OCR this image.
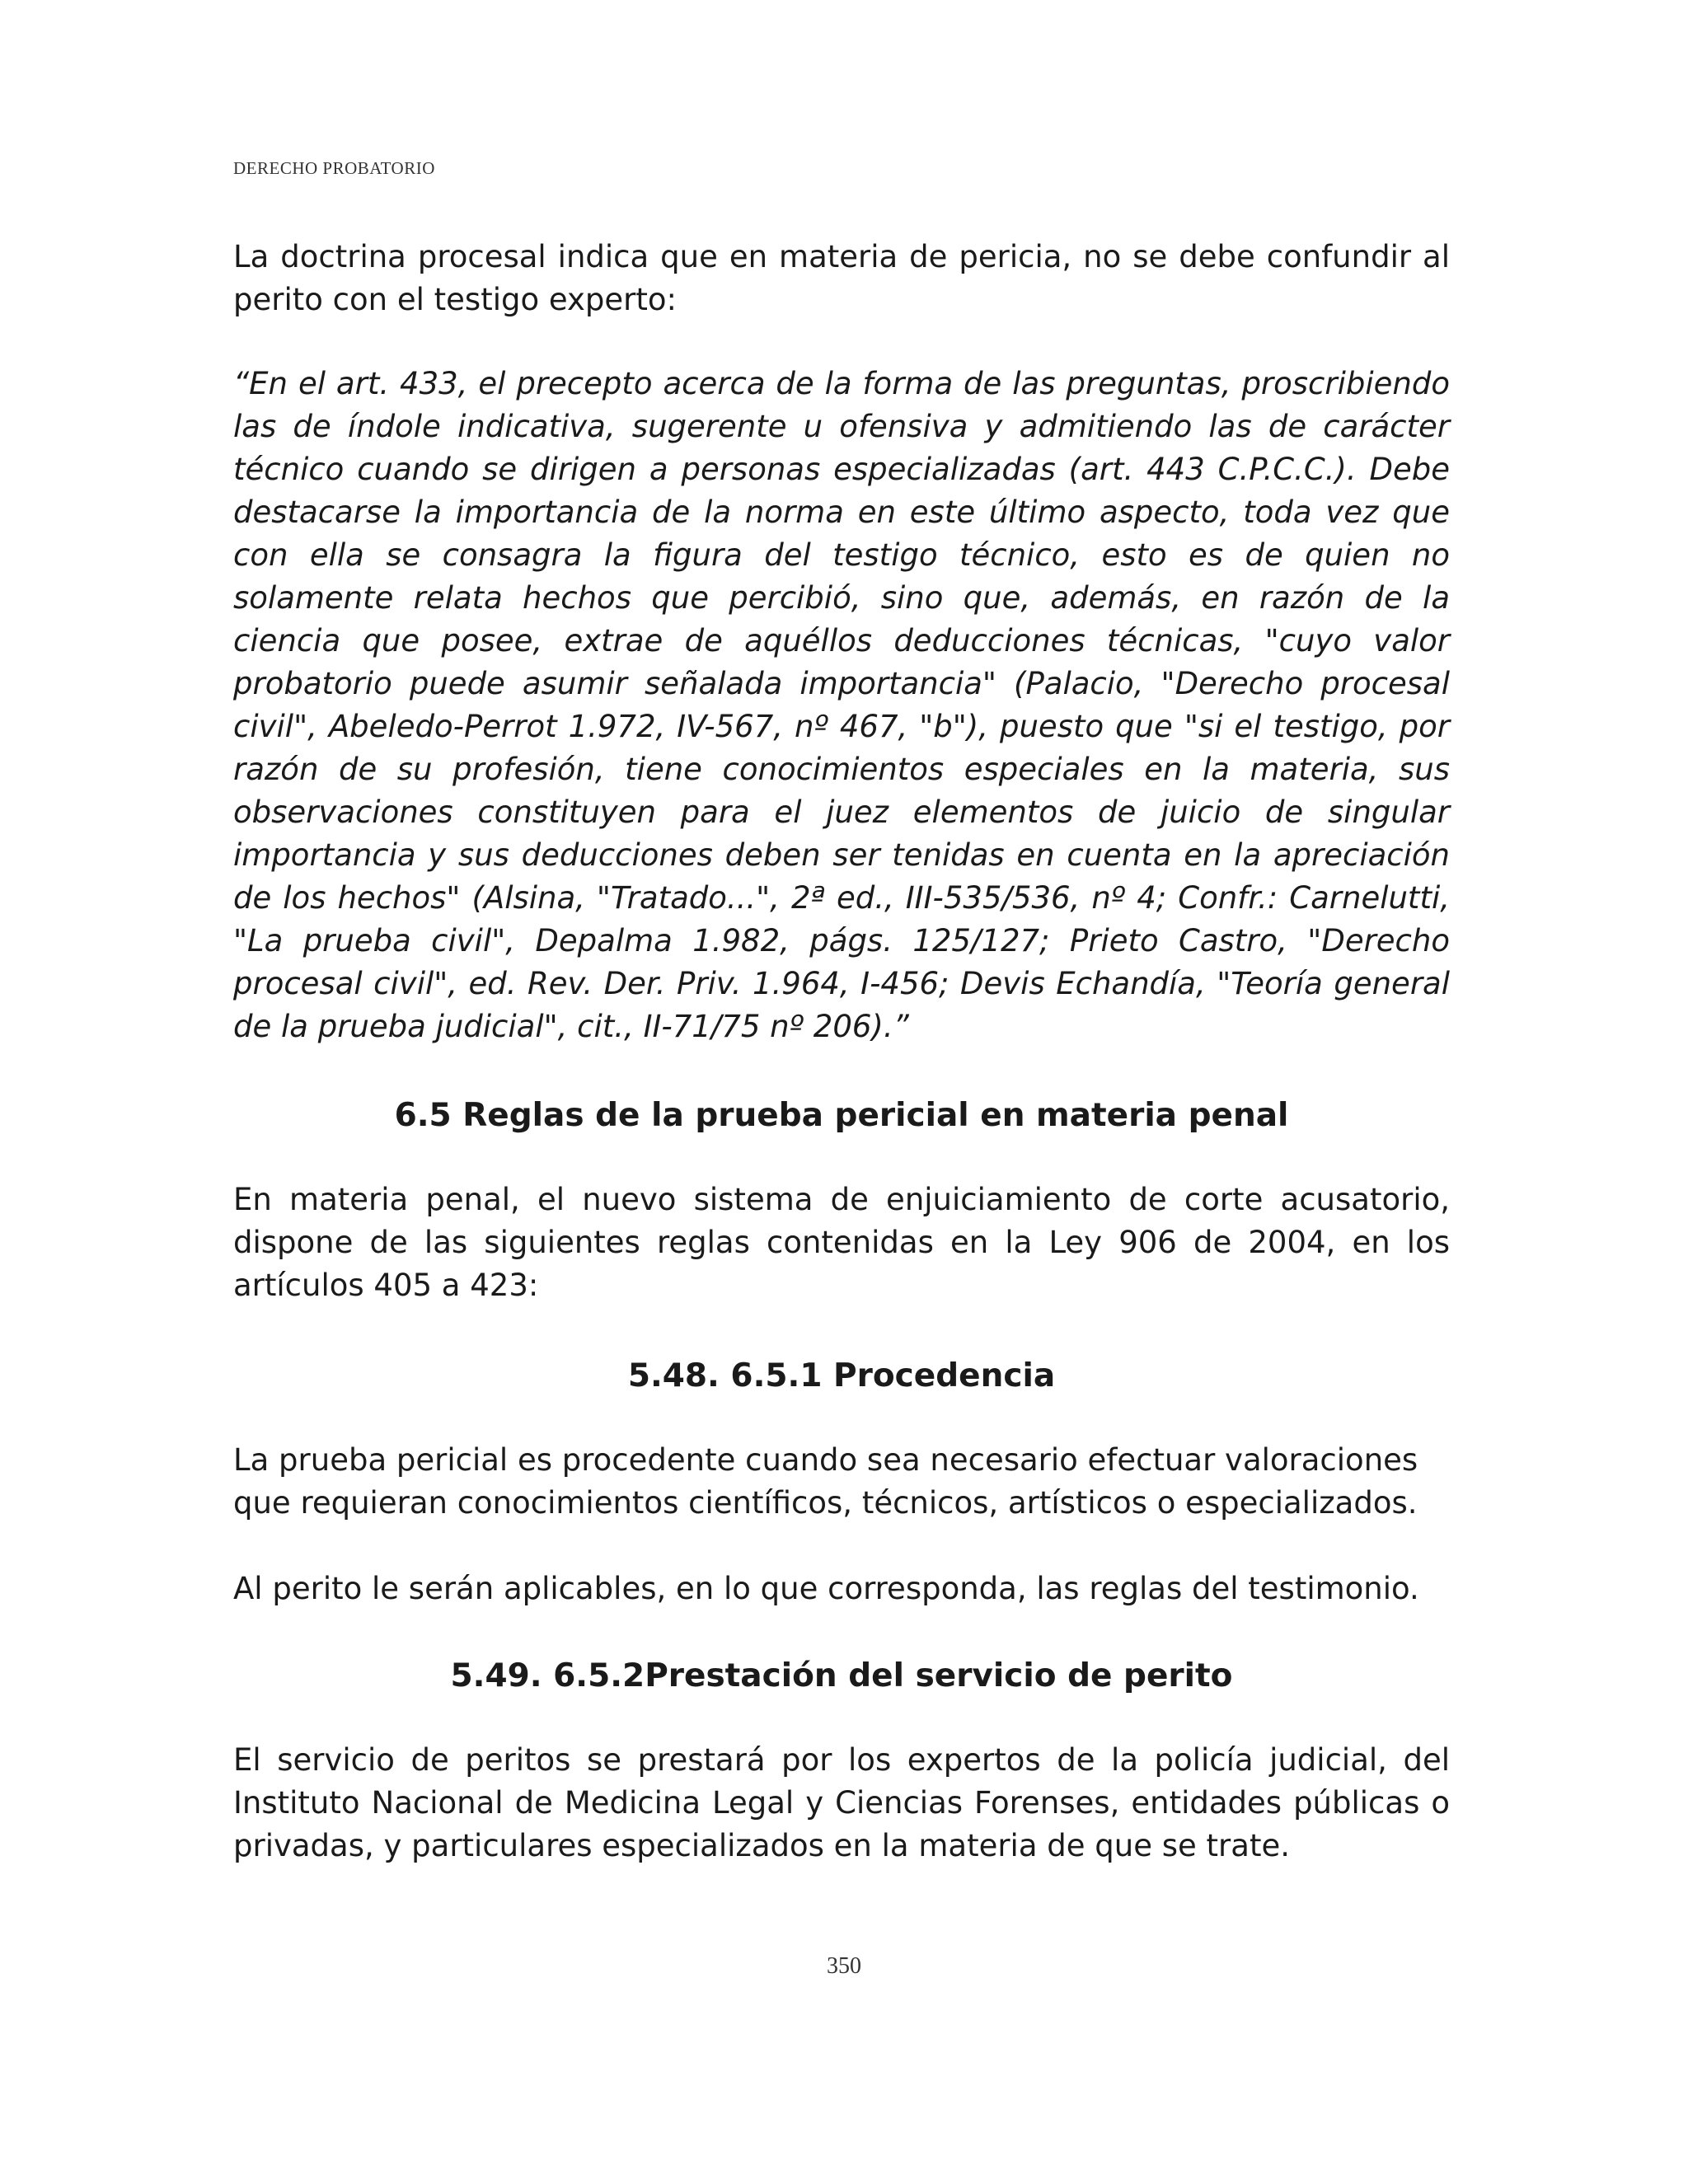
DERECHO PROBATORIO

La doctrina procesal indica que en materia de pericia, no se debe confundir al perito con el testigo experto:

“En el art. 433, el precepto acerca de la forma de las preguntas, proscribiendo las de índole indicativa, sugerente u ofensiva y admitiendo las de carácter técnico cuando se dirigen a personas especializadas (art. 443 C.P.C.C.). Debe destacarse la importancia de la norma en este último aspecto, toda vez que con ella se consagra la figura del testigo técnico, esto es de quien no solamente relata hechos que percibió, sino que, además, en razón de la ciencia que posee, extrae de aquéllos deducciones técnicas, "cuyo valor probatorio puede asumir señalada importancia" (Palacio, "Derecho procesal civil", Abeledo-Perrot 1.972, IV-567, nº 467, "b"), puesto que "si el testigo, por razón de su profesión, tiene conocimientos especiales en la materia, sus observaciones constituyen para el juez elementos de juicio de singular importancia y sus deducciones deben ser tenidas en cuenta en la apreciación de los hechos" (Alsina, "Tratado...", 2ª ed., III-535/536, nº 4; Confr.: Carnelutti, "La prueba civil", Depalma 1.982, págs. 125/127; Prieto Castro, "Derecho procesal civil", ed. Rev. Der. Priv. 1.964, I-456; Devis Echandía, "Teoría general de la prueba judicial", cit., II-71/75 nº 206).”

6.5 Reglas de la prueba pericial en materia penal

En materia penal, el nuevo sistema de enjuiciamiento de corte acusatorio, dispone de las siguientes reglas contenidas en la Ley 906 de 2004, en los artículos 405 a 423:

5.48. 6.5.1 Procedencia

La prueba pericial es procedente cuando sea necesario efectuar valoraciones que requieran conocimientos científicos, técnicos, artísticos o especializados.

Al perito le serán aplicables, en lo que corresponda, las reglas del testimonio.

5.49. 6.5.2Prestación del servicio de perito

El servicio de peritos se prestará por los expertos de la policía judicial, del Instituto Nacional de Medicina Legal y Ciencias Forenses, entidades públicas o privadas, y particulares especializados en la materia de que se trate.

350
